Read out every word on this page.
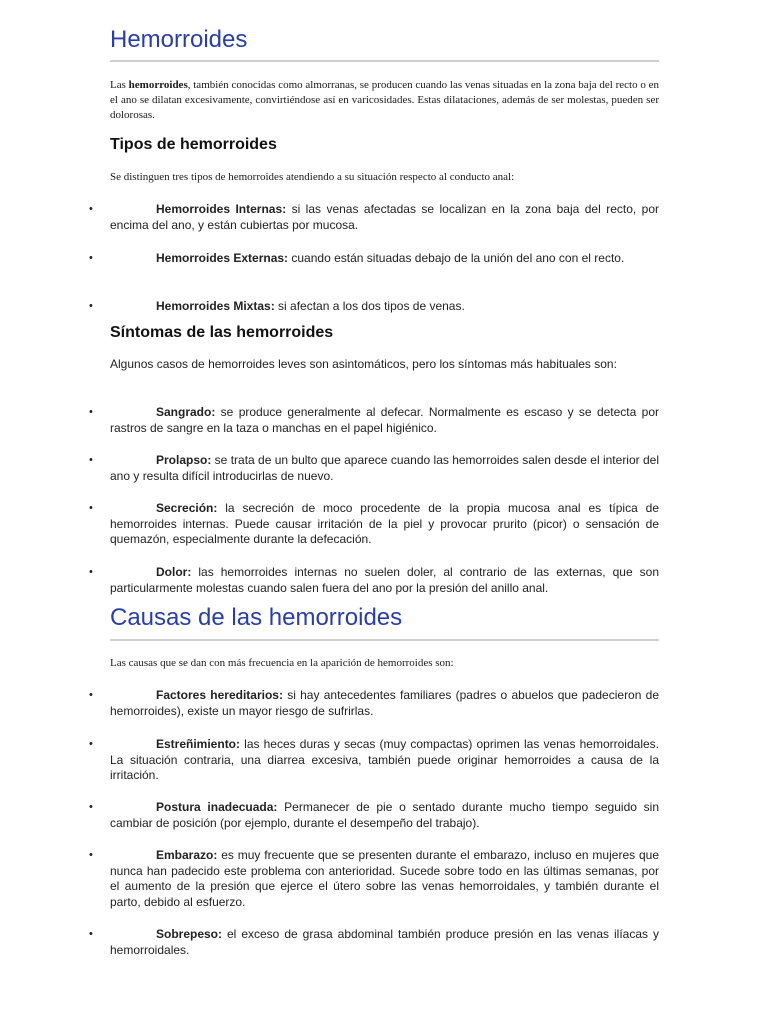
Hemorroides

Las hemorroides, también conocidas como almorranas, se producen cuando las venas situadas en la zona baja del recto o en el ano se dilatan excesivamente, convirtiéndose así en varicosidades. Estas dilataciones, además de ser molestas, pueden ser dolorosas.

Tipos de hemorroides

Se distinguen tres tipos de hemorroides atendiendo a su situación respecto al conducto anal:

•	Hemorroides Internas: si las venas afectadas se localizan en la zona baja del recto, por encima del ano, y están cubiertas por mucosa.

•	Hemorroides Externas: cuando están situadas debajo de la unión del ano con el recto.

•	Hemorroides Mixtas: si afectan a los dos tipos de venas.

Síntomas de las hemorroides

Algunos casos de hemorroides leves son asintomáticos, pero los síntomas más habituales son:

•	Sangrado: se produce generalmente al defecar. Normalmente es escaso y se detecta por rastros de sangre en la taza o manchas en el papel higiénico.

•	Prolapso: se trata de un bulto que aparece cuando las hemorroides salen desde el interior del ano y resulta difícil introducirlas de nuevo.

•	Secreción: la secreción de moco procedente de la propia mucosa anal es típica de hemorroides internas. Puede causar irritación de la piel y provocar prurito (picor) o sensación de quemazón, especialmente durante la defecación.

•	Dolor: las hemorroides internas no suelen doler, al contrario de las externas, que son particularmente molestas cuando salen fuera del ano por la presión del anillo anal.

Causas de las hemorroides

Las causas que se dan con más frecuencia en la aparición de hemorroides son:

•	Factores hereditarios: si hay antecedentes familiares (padres o abuelos que padecieron de hemorroides), existe un mayor riesgo de sufrirlas.

•	Estreñimiento: las heces duras y secas (muy compactas) oprimen las venas hemorroidales. La situación contraria, una diarrea excesiva, también puede originar hemorroides a causa de la irritación.

•	Postura inadecuada: Permanecer de pie o sentado durante mucho tiempo seguido sin cambiar de posición (por ejemplo, durante el desempeño del trabajo).

•	Embarazo: es muy frecuente que se presenten durante el embarazo, incluso en mujeres que nunca han padecido este problema con anterioridad. Sucede sobre todo en las últimas semanas, por el aumento de la presión que ejerce el útero sobre las venas hemorroidales, y también durante el parto, debido al esfuerzo.

•	Sobrepeso: el exceso de grasa abdominal también produce presión en las venas ilíacas y hemorroidales.
